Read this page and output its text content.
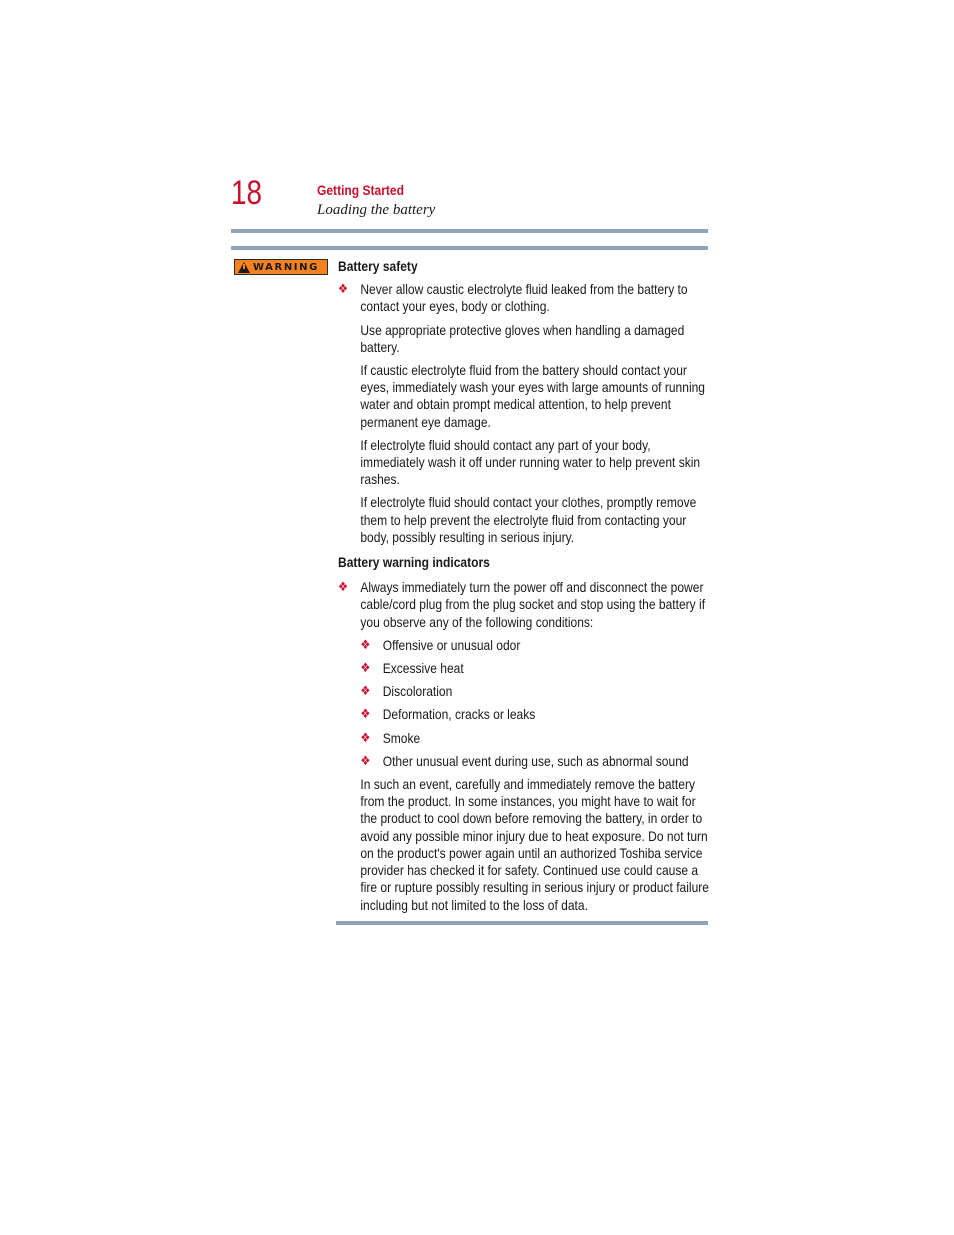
18	Getting Started
Loading the battery
WARNING Battery safety
❖ Never allow caustic electrolyte fluid leaked from the battery to contact your eyes, body or clothing.
Use appropriate protective gloves when handling a damaged battery.
If caustic electrolyte fluid from the battery should contact your eyes, immediately wash your eyes with large amounts of running water and obtain prompt medical attention, to help prevent permanent eye damage.
If electrolyte fluid should contact any part of your body, immediately wash it off under running water to help prevent skin rashes.
If electrolyte fluid should contact your clothes, promptly remove them to help prevent the electrolyte fluid from contacting your body, possibly resulting in serious injury.
Battery warning indicators
❖ Always immediately turn the power off and disconnect the power cable/cord plug from the plug socket and stop using the battery if you observe any of the following conditions:
❖ Offensive or unusual odor
❖ Excessive heat
❖ Discoloration
❖ Deformation, cracks or leaks
❖ Smoke
❖ Other unusual event during use, such as abnormal sound
In such an event, carefully and immediately remove the battery from the product. In some instances, you might have to wait for the product to cool down before removing the battery, in order to avoid any possible minor injury due to heat exposure. Do not turn on the product's power again until an authorized Toshiba service provider has checked it for safety. Continued use could cause a fire or rupture possibly resulting in serious injury or product failure including but not limited to the loss of data.
